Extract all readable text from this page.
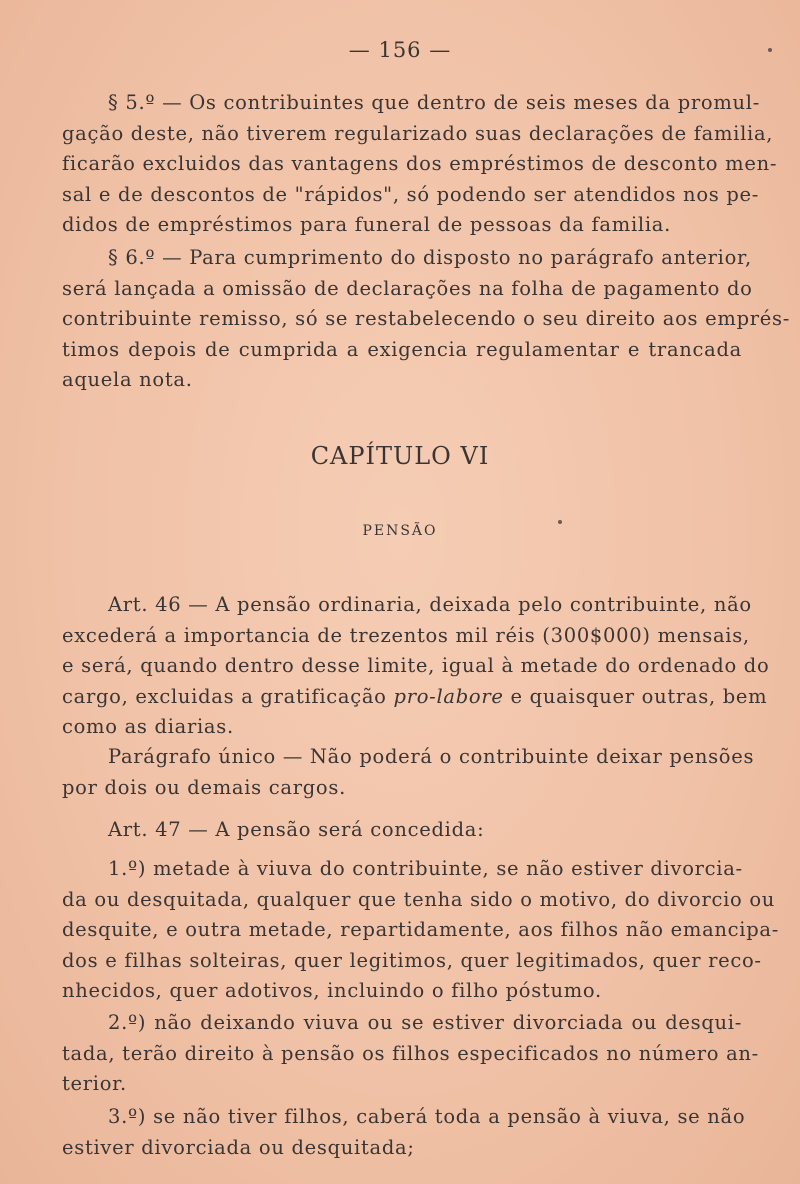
— 156 —

§ 5.º — Os contribuintes que dentro de seis meses da promul-
gação deste, não tiverem regularizado suas declarações de familia,
ficarão excluidos das vantagens dos empréstimos de desconto men-
sal e de descontos de "rápidos", só podendo ser atendidos nos pe-
didos de empréstimos para funeral de pessoas da familia.

§ 6.º — Para cumprimento do disposto no parágrafo anterior,
será lançada a omissão de declarações na folha de pagamento do
contribuinte remisso, só se restabelecendo o seu direito aos emprés-
timos depois de cumprida a exigencia regulamentar e trancada
aquela nota.

CAPÍTULO VI
PENSÃO

Art. 46 — A pensão ordinaria, deixada pelo contribuinte, não
excederá a importancia de trezentos mil réis (300$000) mensais,
e será, quando dentro desse limite, igual à metade do ordenado do
cargo, excluidas a gratificação pro-labore e quaisquer outras, bem
como as diarias.

Parágrafo único — Não poderá o contribuinte deixar pensões
por dois ou demais cargos.

Art. 47 — A pensão será concedida:

1.º) metade à viuva do contribuinte, se não estiver divorcia-
da ou desquitada, qualquer que tenha sido o motivo, do divorcio ou
desquite, e outra metade, repartidamente, aos filhos não emancipa-
dos e filhas solteiras, quer legitimos, quer legitimados, quer reco-
nhecidos, quer adotivos, incluindo o filho póstumo.

2.º) não deixando viuva ou se estiver divorciada ou desqui-
tada, terão direito à pensão os filhos especificados no número an-
terior.

3.º) se não tiver filhos, caberá toda a pensão à viuva, se não
estiver divorciada ou desquitada;
